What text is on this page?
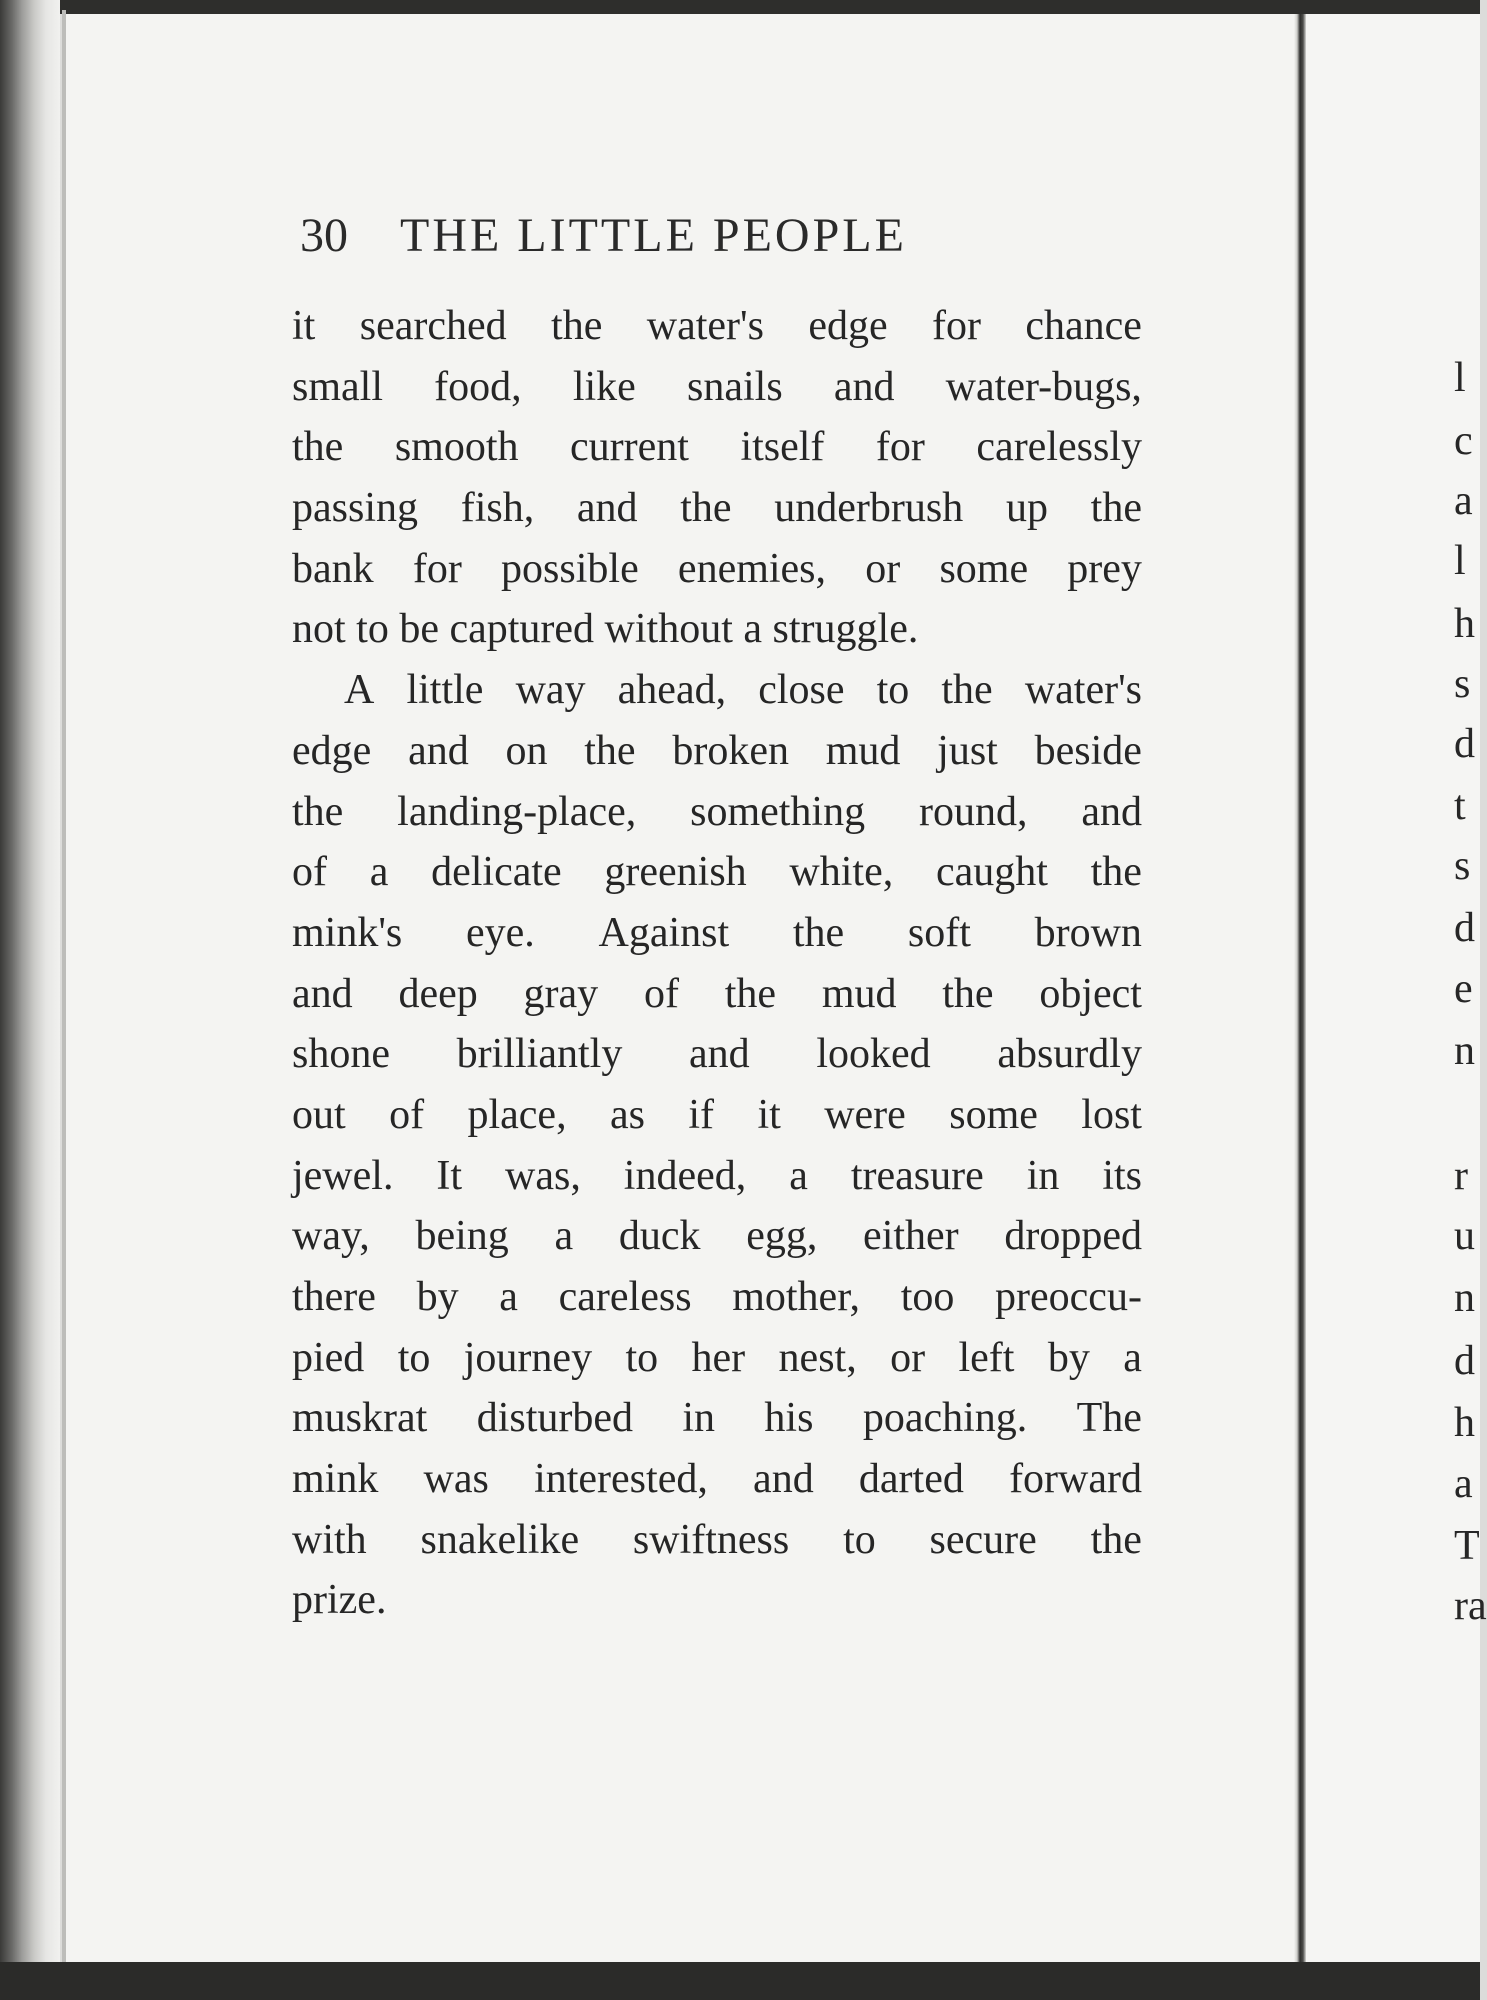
30 THE LITTLE PEOPLE
it searched the water's edge for chance
small food, like snails and water-bugs,
the smooth current itself for carelessly
passing fish, and the underbrush up the
bank for possible enemies, or some prey
not to be captured without a struggle.
A little way ahead, close to the water's
edge and on the broken mud just beside
the landing-place, something round, and
of a delicate greenish white, caught the
mink's eye. Against the soft brown
and deep gray of the mud the object
shone brilliantly and looked absurdly
out of place, as if it were some lost
jewel. It was, indeed, a treasure in its
way, being a duck egg, either dropped
there by a careless mother, too preoccu-
pied to journey to her nest, or left by a
muskrat disturbed in his poaching. The
mink was interested, and darted forward
with snakelike swiftness to secure the
prize.
l
c
a
l
h
s
d
t
s
d
e
n
r
u
n
d
h
a
T
ra
